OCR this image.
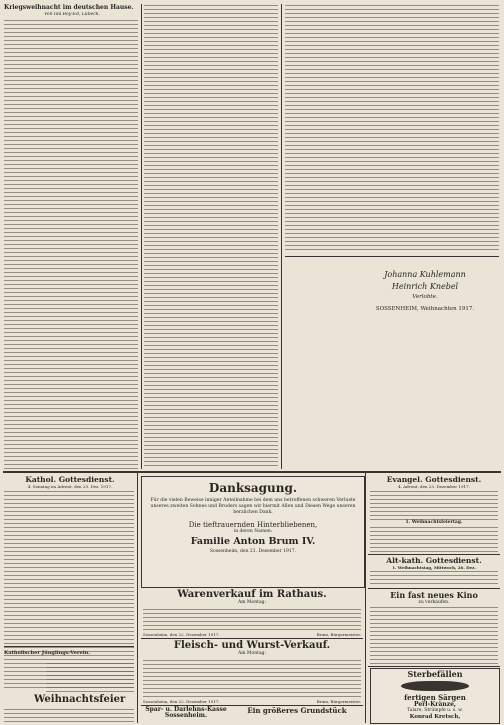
Kriegsweihnacht im deutschen Hause.
Von Ida Boy-Ed, Lübeck.
Johanna Kuhlemann
Heinrich Knebel
Verlobte.
SOSSENHEIM, Weihnachten 1917.
Kathol. Gottesdienst.
4. Sonntag im Advent, den 23. Dez. 1917.
Katholischer Jünglings-Verein.
Weihnachtsfeier
Danksagung.
Für die vielen Beweise inniger Anteilnahme bei dem uns betroffenen schweren Verluste unseres zweiten Sohnes und Bruders sagen wir hiermit Allen und Diesen Wege unseren herzlichen Dank.
Die tieftrauernden Hinterbliebenen,
in deren Namen:
Familie Anton Brum IV.
Sossenheim, den 21. Dezember 1917.
Warenverkauf im Rathaus.
Am Montag:
Sossenheim, den 22. Dezember 1917.	Brum, Bürgermeister.
Fleisch- und Wurst-Verkauf.
Am Montag:
Sossenheim, den 22. Dezember 1917.	Brum, Bürgermeister.
Spar- u. Darlehns-Kasse Sossenheim.
Ein größeres Grundstück
Evangel. Gottesdienst.
4. Advent, den 23. Dezember 1917.
1. Weihnachtsfeiertag.
Alt-kath. Gottesdienst.
1. Weihnachtstag, Mittwoch, 26. Dez.
Ein fast neues Kino
zu verkaufen.
Sterbefällen
fertigen Särgen
Perl-Kränze,
Talare, Strümpfe u. s. w.
Konrad Kretsch,
